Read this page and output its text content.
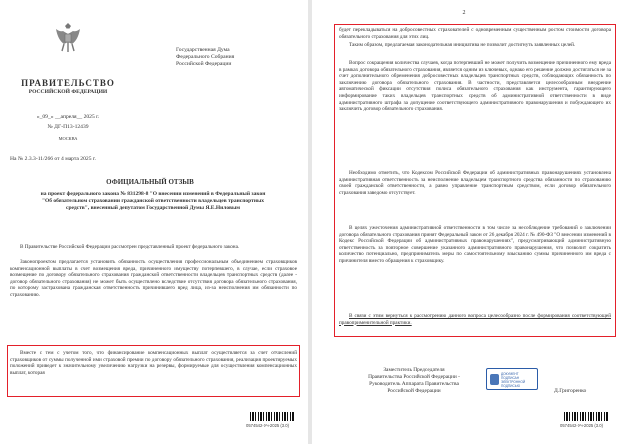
Государственная Дума
Федерального Собрания
Российской Федерации
ПРАВИТЕЛЬСТВО
РОССИЙСКОЙ ФЕДЕРАЦИИ
«_09_» __апреля__ 2025 г.
№ ДГ-П13-12439
МОСКВА
На № 2.3.3-11/266 от 4 марта 2025 г.
ОФИЦИАЛЬНЫЙ ОТЗЫВ
на проект федерального закона № 831298-8 "О внесении изменений в Федеральный закон "Об обязательном страховании гражданской ответственности владельцев транспортных средств", внесенный депутатом Государственной Думы Я.Е.Ниловым
В Правительстве Российской Федерации рассмотрен представленный проект федерального закона.
Законопроектом предлагается установить обязанность осуществления профессиональным объединением страховщиков компенсационной выплаты в счет возмещения вреда, причиненного имуществу потерпевшего, в случае, если страховое возмещение по договору обязательного страхования гражданской ответственности владельцев транспортных средств (далее - договор обязательного страхования) не может быть осуществлено вследствие отсутствия договора обязательного страхования, по которому застрахована гражданская ответственность причинившего вред лица, из-за неисполнения им обязанности по страхованию.
Вместе с тем с учетом того, что финансирование компенсационных выплат осуществляется за счет отчислений страховщиков от суммы полученной ими страховой премии по договору обязательного страхования, реализация проектируемых положений приведет к значительному увеличению нагрузки на резервы, формируемые для осуществления компенсационных выплат, которая
0574542-Уч-2025 (3.0)
2
будет перекладываться на добросовестных страхователей с одновременным существенным ростом стоимости договора обязательного страхования для этих лиц.
Таким образом, предлагаемая законодательная инициатива не позволит достигнуть заявленных целей.
Вопрос сокращения количества случаев, когда потерпевший не может получить возмещение причиненного ему вреда в рамках договора обязательного страхования, является одним из ключевых, однако его решение должно достигаться не за счет дополнительного обременения добросовестных владельцев транспортных средств, соблюдающих обязанность по заключению договора обязательного страхования. В частности, представляется целесообразным внедрение автоматической фиксации отсутствия полиса обязательного страхования как инструмента, гарантирующего информирование таких владельцев транспортных средств об административной ответственности в виде административного штрафа за допущение соответствующего административного правонарушения и побуждающего их заключить договор обязательного страхования.
Необходимо отметить, что Кодексом Российской Федерации об административных правонарушениях установлена административная ответственность за неисполнение владельцем транспортного средства обязанности по страхованию своей гражданской ответственности, а равно управление транспортным средством, если договор обязательного страхования заведомо отсутствует.
В целях ужесточения административной ответственности в том числе за несоблюдение требований о заключении договора обязательного страхования принят Федеральный закон от 26 декабря 2024 г. № 490-ФЗ "О внесении изменений в Кодекс Российской Федерации об административных правонарушениях", предусматривающий административную ответственность за повторное совершение указанного административного правонарушения, что позволит сократить количество потенциально, предприниматель меры по самостоятельному взысканию суммы причиненного им вреда с причинителя вместо обращения к страховщику.
В связи с этим вернуться к рассмотрению данного вопроса целесообразно после формирования соответствующей правоприменительной практики.
Заместитель Председателя
Правительства Российской Федерации -
Руководитель Аппарата Правительства
Российской Федерации
ДОКУМЕНТ ПОДПИСАН ЭЛЕКТРОННОЙ ПОДПИСЬЮ
Д.Григоренко
0574542-Уч-2025 (3.0)
